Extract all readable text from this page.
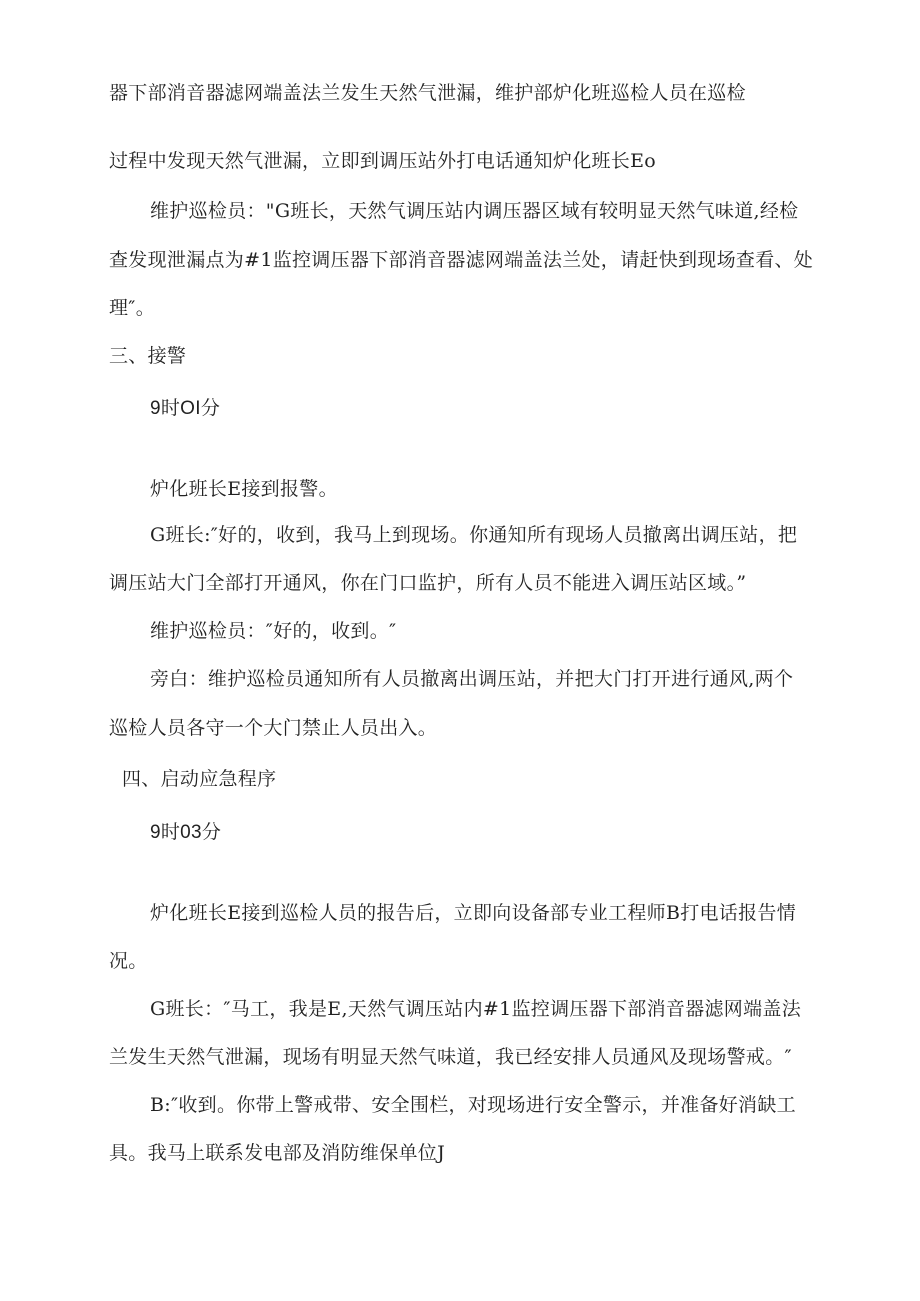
器下部消音器滤网端盖法兰发生天然气泄漏，维护部炉化班巡检人员在巡检
过程中发现天然气泄漏，立即到调压站外打电话通知炉化班长Eo
维护巡检员："G班长，天然气调压站内调压器区域有较明显天然气味道,经检
查发现泄漏点为#1监控调压器下部消音器滤网端盖法兰处，请赶快到现场查看、处
理″。
三、接警
9时OI分
炉化班长E接到报警。
G班长:″好的，收到，我马上到现场。你通知所有现场人员撤离出调压站，把
调压站大门全部打开通风，你在门口监护，所有人员不能进入调压站区域。”
维护巡检员：″好的，收到。″
旁白：维护巡检员通知所有人员撤离出调压站，并把大门打开进行通风,两个
巡检人员各守一个大门禁止人员出入。
四、启动应急程序
9时03分
炉化班长E接到巡检人员的报告后，立即向设备部专业工程师B打电话报告情
况。
G班长：″马工，我是E,天然气调压站内#1监控调压器下部消音器滤网端盖法
兰发生天然气泄漏，现场有明显天然气味道，我已经安排人员通风及现场警戒。″
B:″收到。你带上警戒带、安全围栏，对现场进行安全警示，并准备好消缺工
具。我马上联系发电部及消防维保单位J
